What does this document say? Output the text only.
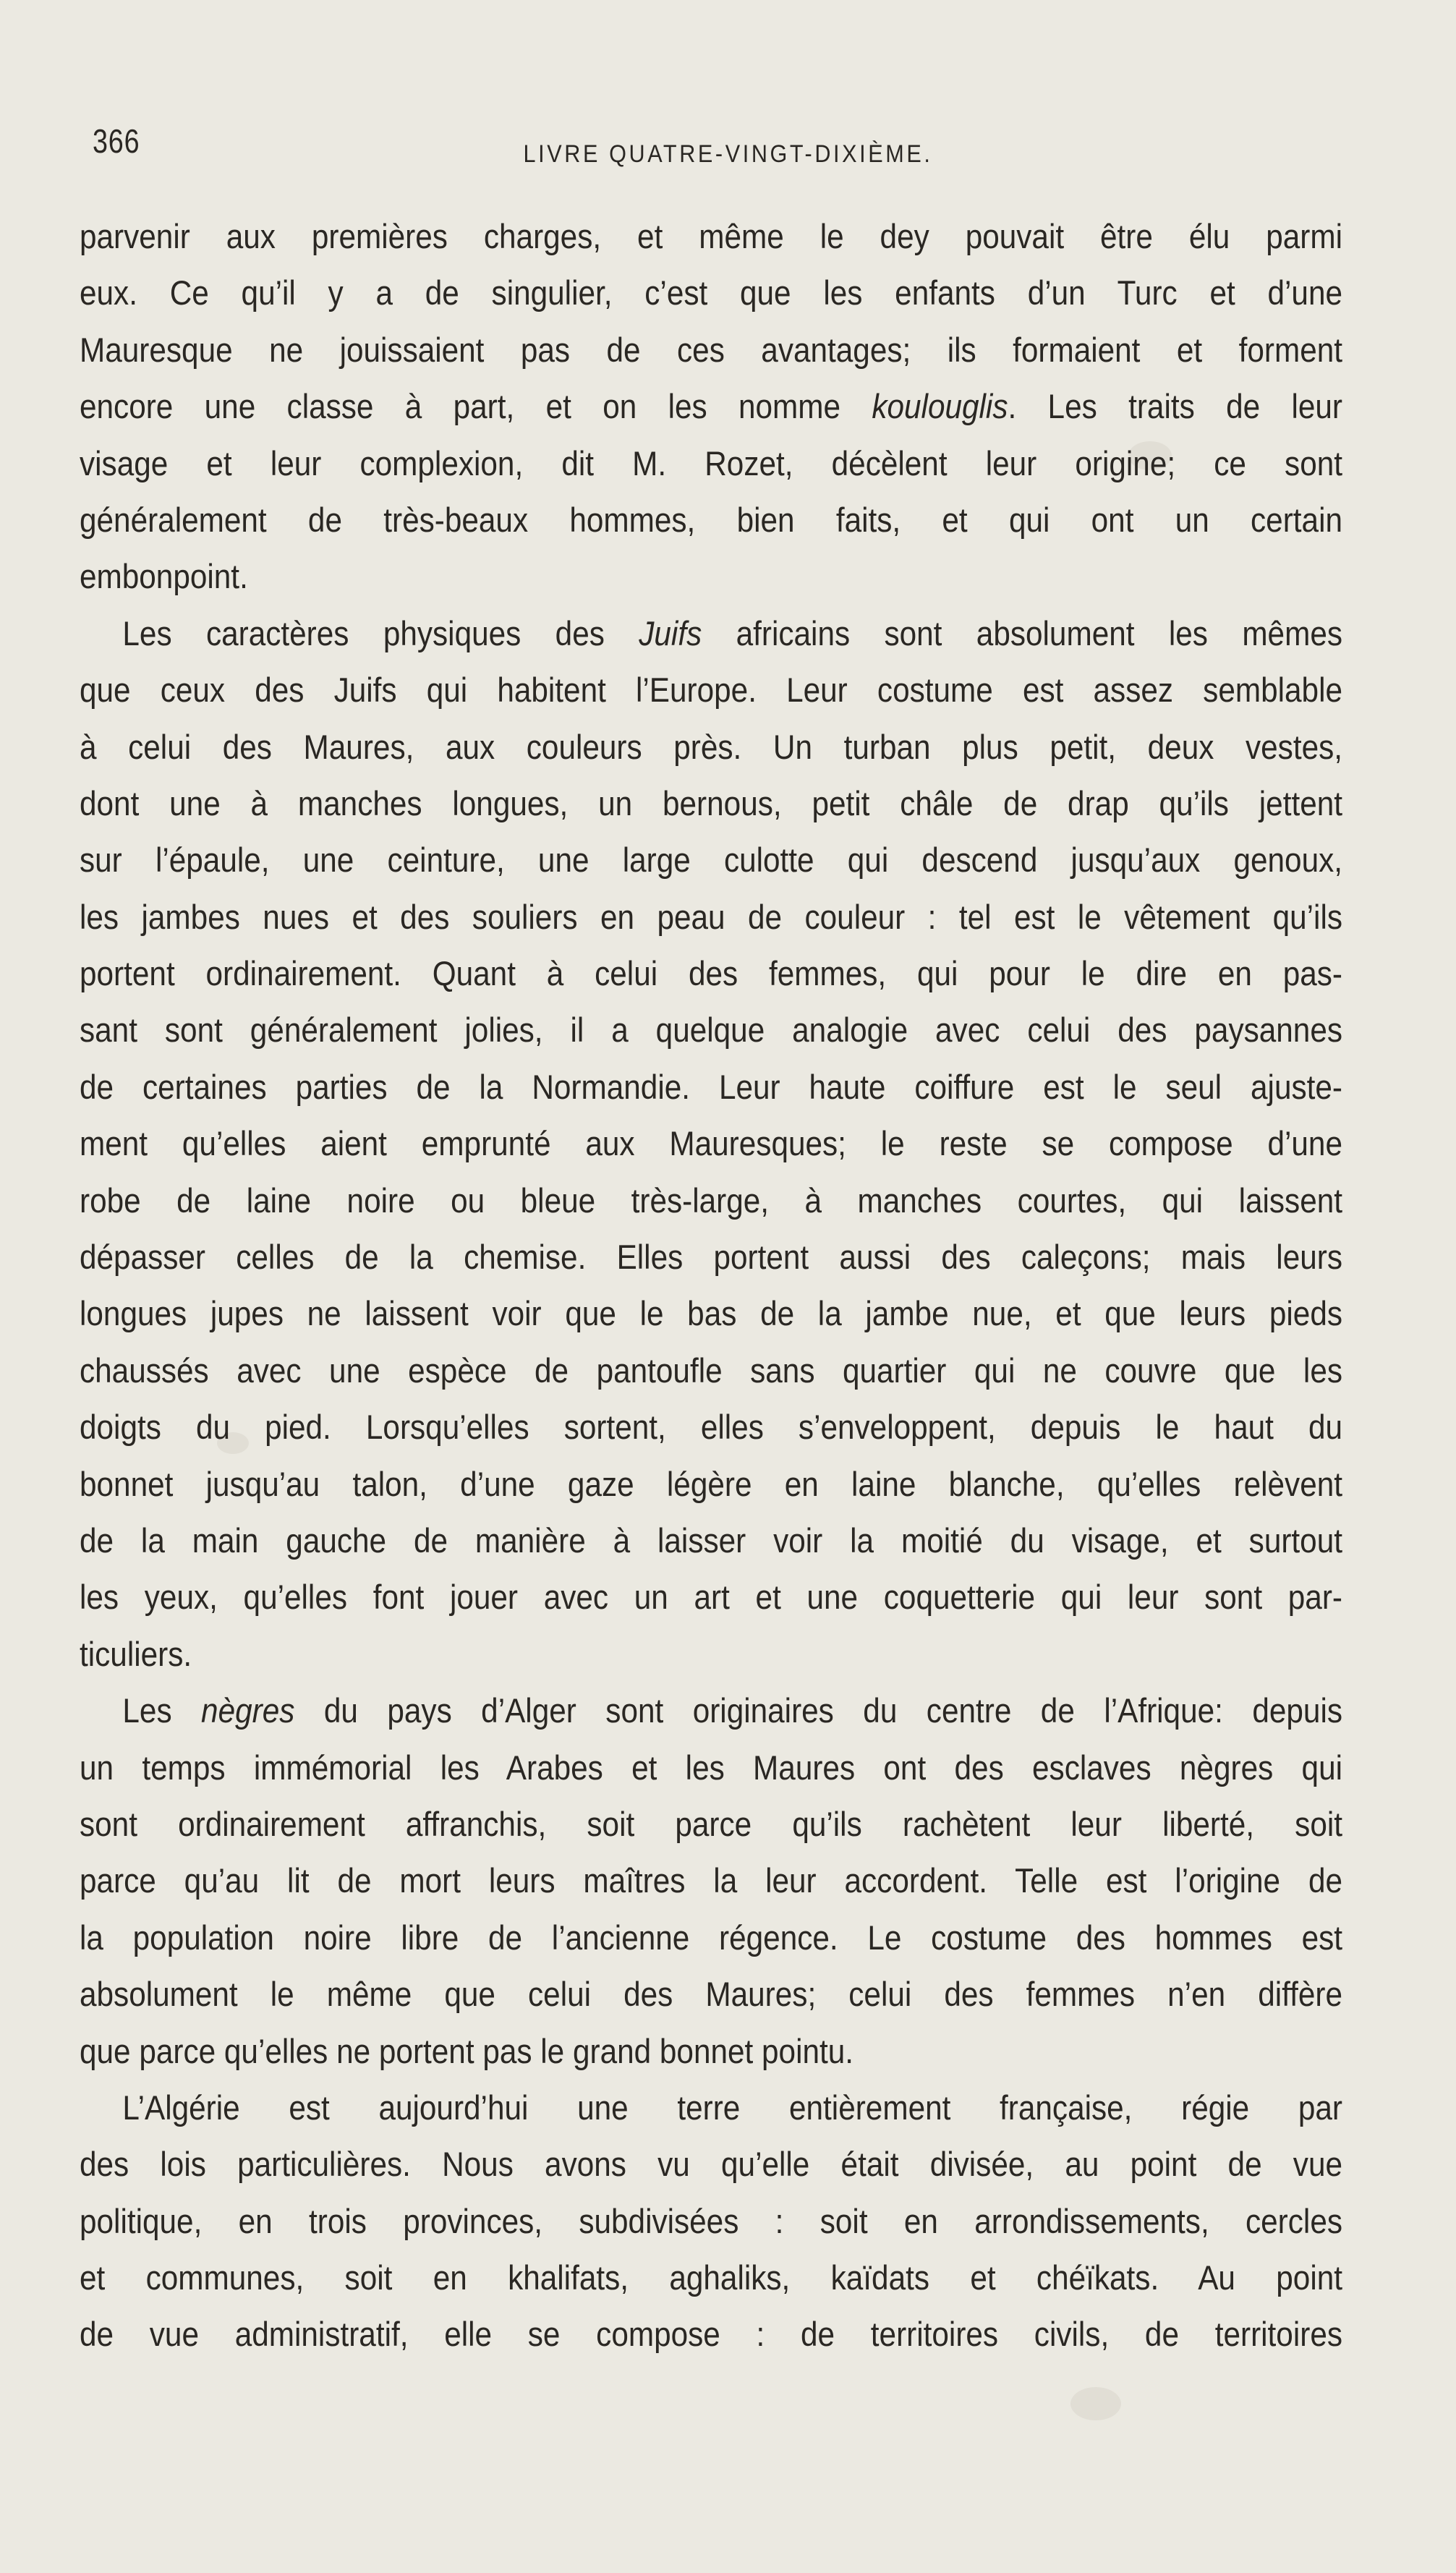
366	LIVRE QUATRE-VINGT-DIXIÈME.
parvenir aux premières charges, et même le dey pouvait être élu parmi
eux. Ce qu’il y a de singulier, c’est que les enfants d’un Turc et d’une
Mauresque ne jouissaient pas de ces avantages; ils formaient et forment
encore une classe à part, et on les nomme koulouglis. Les traits de leur
visage et leur complexion, dit M. Rozet, décèlent leur origine; ce sont
généralement de très-beaux hommes, bien faits, et qui ont un certain
embonpoint.
Les caractères physiques des Juifs africains sont absolument les mêmes
que ceux des Juifs qui habitent l’Europe. Leur costume est assez semblable
à celui des Maures, aux couleurs près. Un turban plus petit, deux vestes,
dont une à manches longues, un bernous, petit châle de drap qu’ils jettent
sur l’épaule, une ceinture, une large culotte qui descend jusqu’aux genoux,
les jambes nues et des souliers en peau de couleur : tel est le vêtement qu’ils
portent ordinairement. Quant à celui des femmes, qui pour le dire en pas-
sant sont généralement jolies, il a quelque analogie avec celui des paysannes
de certaines parties de la Normandie. Leur haute coiffure est le seul ajuste-
ment qu’elles aient emprunté aux Mauresques; le reste se compose d’une
robe de laine noire ou bleue très-large, à manches courtes, qui laissent
dépasser celles de la chemise. Elles portent aussi des caleçons; mais leurs
longues jupes ne laissent voir que le bas de la jambe nue, et que leurs pieds
chaussés avec une espèce de pantoufle sans quartier qui ne couvre que les
doigts du pied. Lorsqu’elles sortent, elles s’enveloppent, depuis le haut du
bonnet jusqu’au talon, d’une gaze légère en laine blanche, qu’elles relèvent
de la main gauche de manière à laisser voir la moitié du visage, et surtout
les yeux, qu’elles font jouer avec un art et une coquetterie qui leur sont par-
ticuliers.
Les nègres du pays d’Alger sont originaires du centre de l’Afrique: depuis
un temps immémorial les Arabes et les Maures ont des esclaves nègres qui
sont ordinairement affranchis, soit parce qu’ils rachètent leur liberté, soit
parce qu’au lit de mort leurs maîtres la leur accordent. Telle est l’origine de
la population noire libre de l’ancienne régence. Le costume des hommes est
absolument le même que celui des Maures; celui des femmes n’en diffère
que parce qu’elles ne portent pas le grand bonnet pointu.
L’Algérie est aujourd’hui une terre entièrement française, régie par
des lois particulières. Nous avons vu qu’elle était divisée, au point de vue
politique, en trois provinces, subdivisées : soit en arrondissements, cercles
et communes, soit en khalifats, aghaliks, kaïdats et chéïkats. Au point
de vue administratif, elle se compose : de territoires civils, de territoires
